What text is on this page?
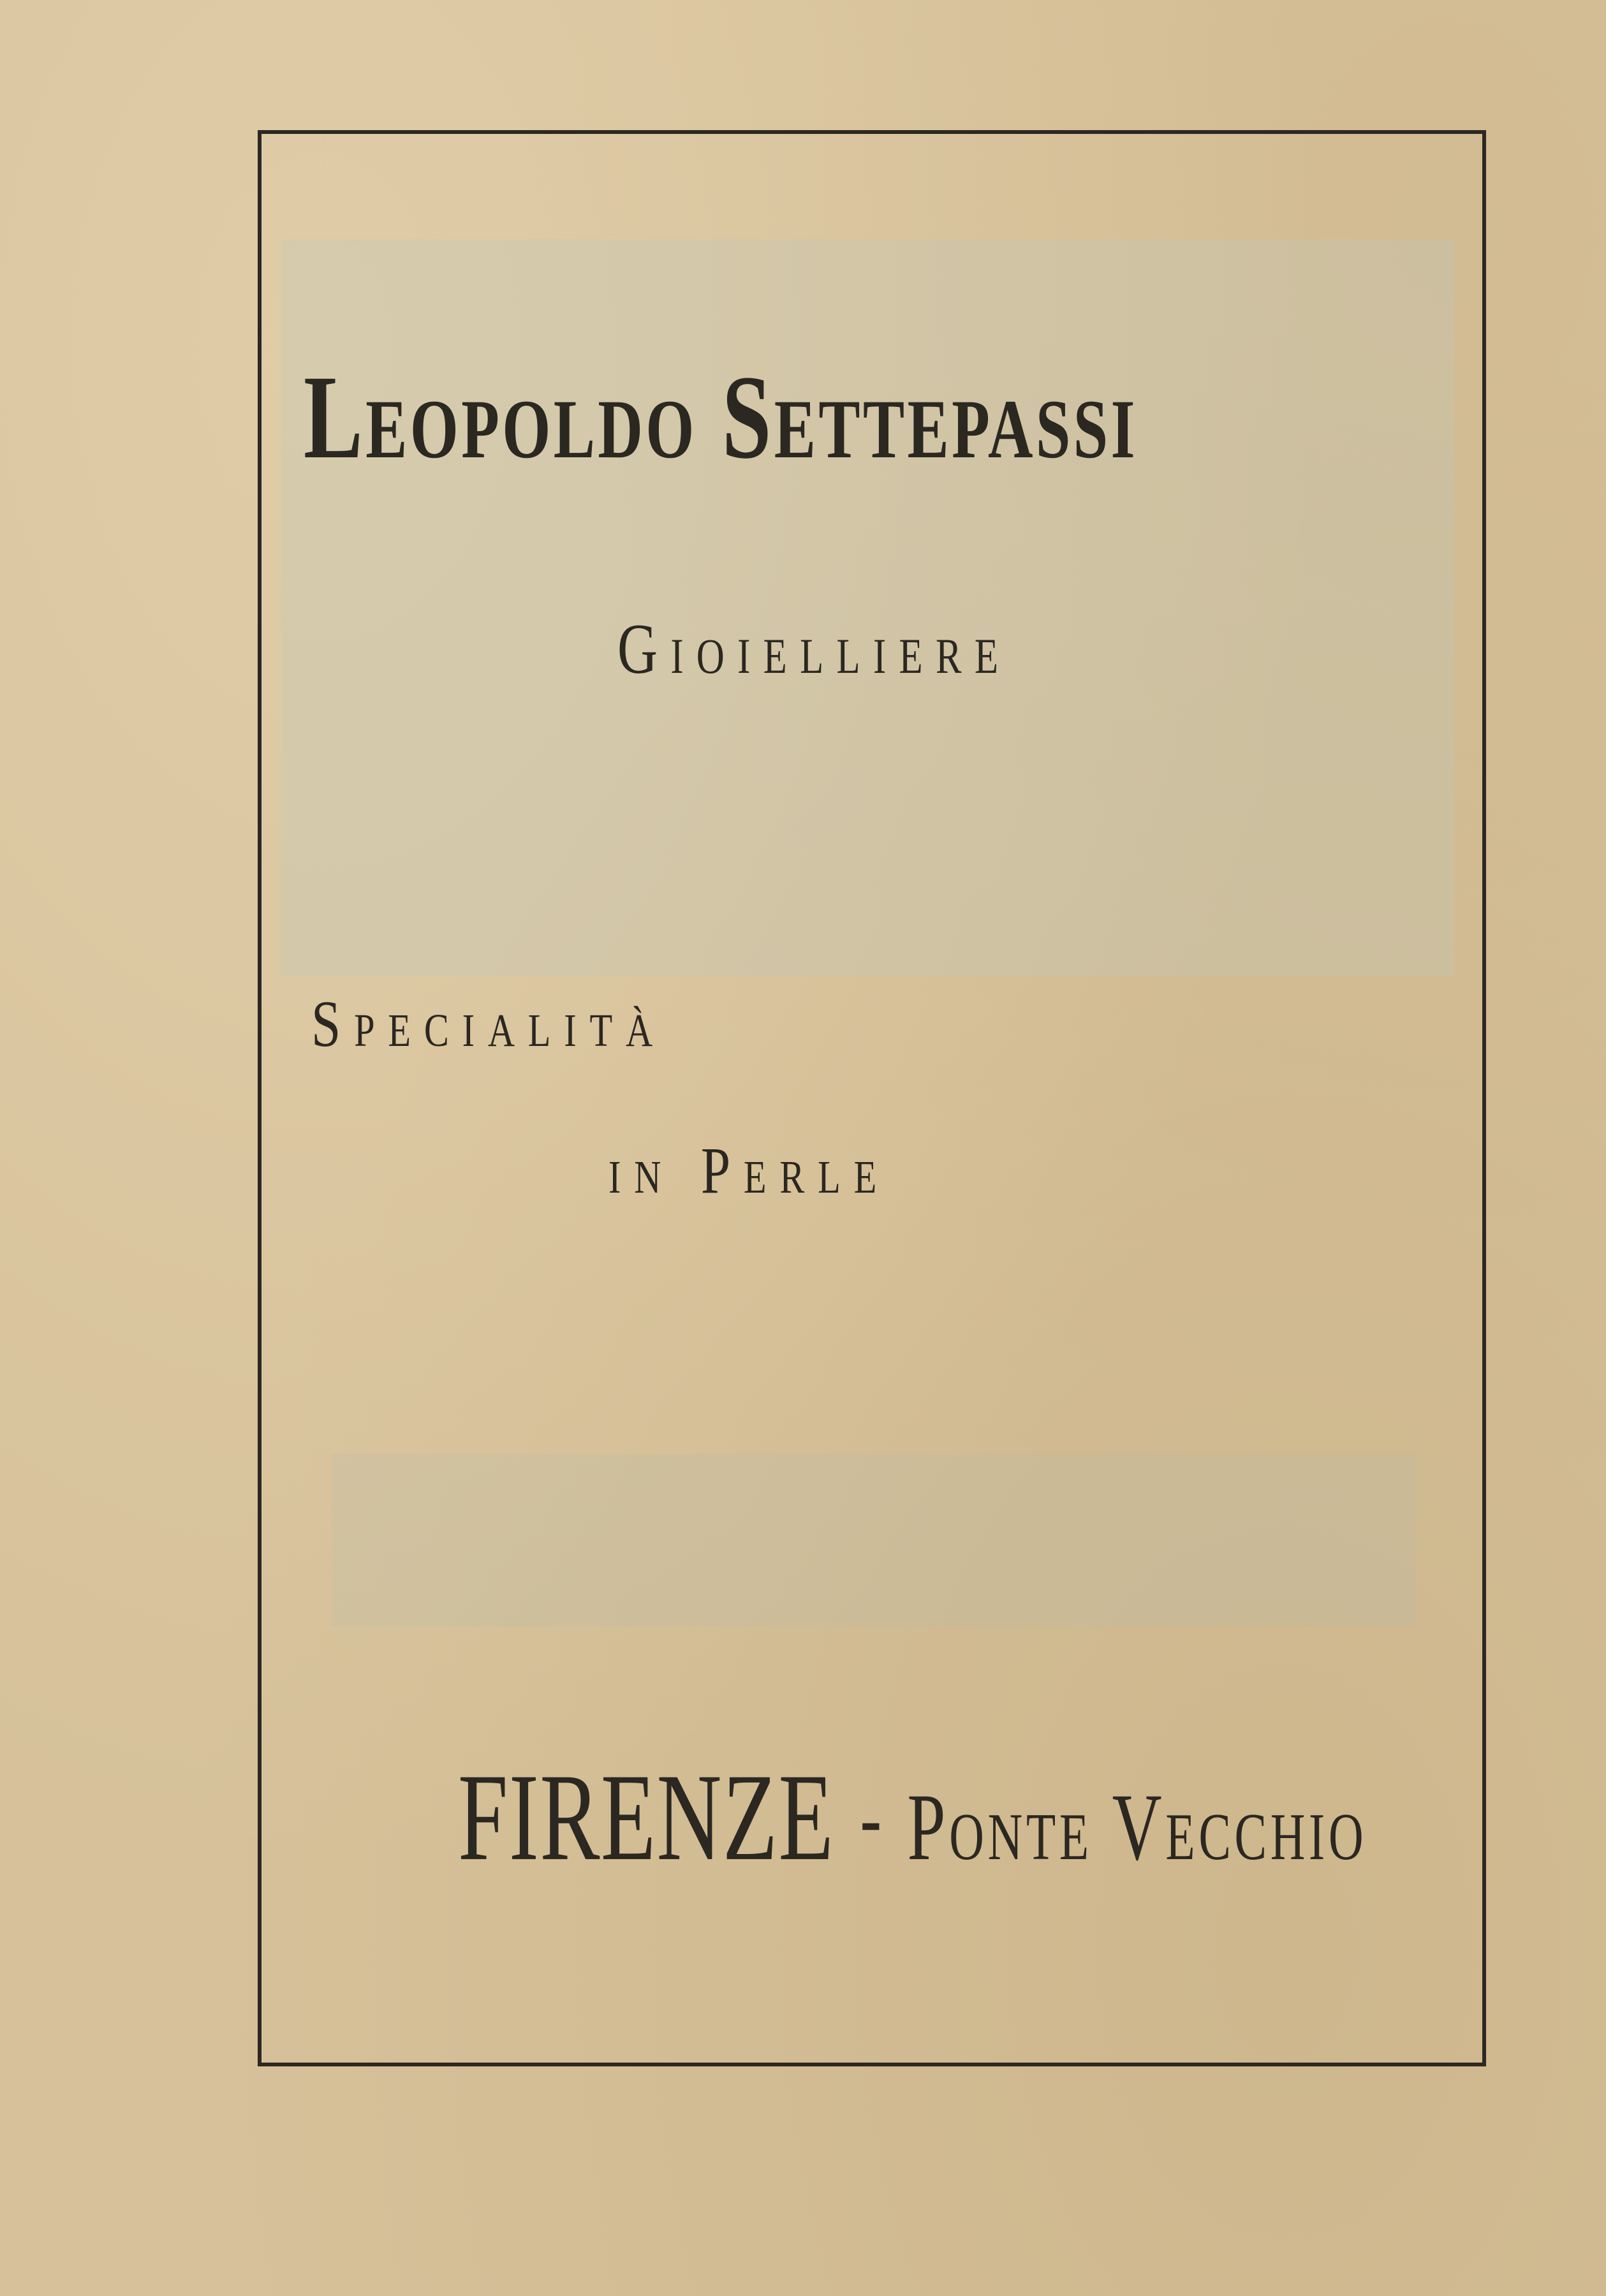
Leopoldo Settepassi

Gioielliere

Specialità

in Perle

FIRENZE - Ponte Vecchio
